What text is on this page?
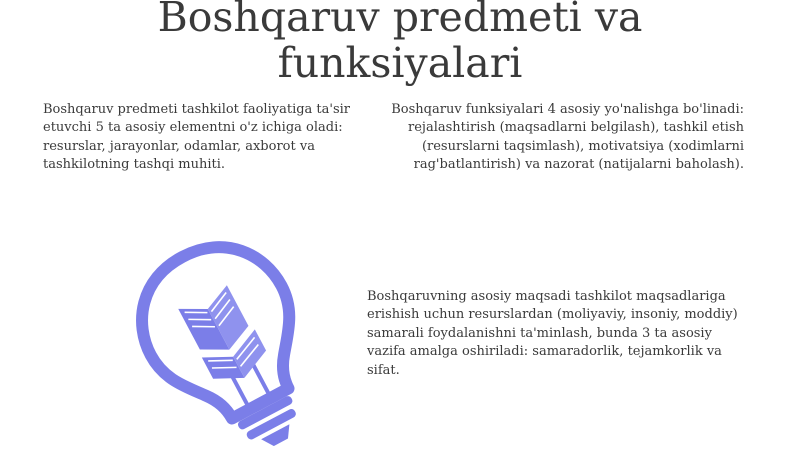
Boshqaruv predmeti va funksiyalari

Boshqaruv predmeti tashkilot faoliyatiga ta'sir etuvchi 5 ta asosiy elementni o'z ichiga oladi: resurslar, jarayonlar, odamlar, axborot va tashkilotning tashqi muhiti.

Boshqaruv funksiyalari 4 asosiy yo'nalishga bo'linadi: rejalashtirish (maqsadlarni belgilash), tashkil etish (resurslarni taqsimlash), motivatsiya (xodimlarni rag'batlantirish) va nazorat (natijalarni baholash).

Boshqaruvning asosiy maqsadi tashkilot maqsadlariga erishish uchun resurslardan (moliyaviy, insoniy, moddiy) samarali foydalanishni ta'minlash, bunda 3 ta asosiy vazifa amalga oshiriladi: samaradorlik, tejamkorlik va sifat.
